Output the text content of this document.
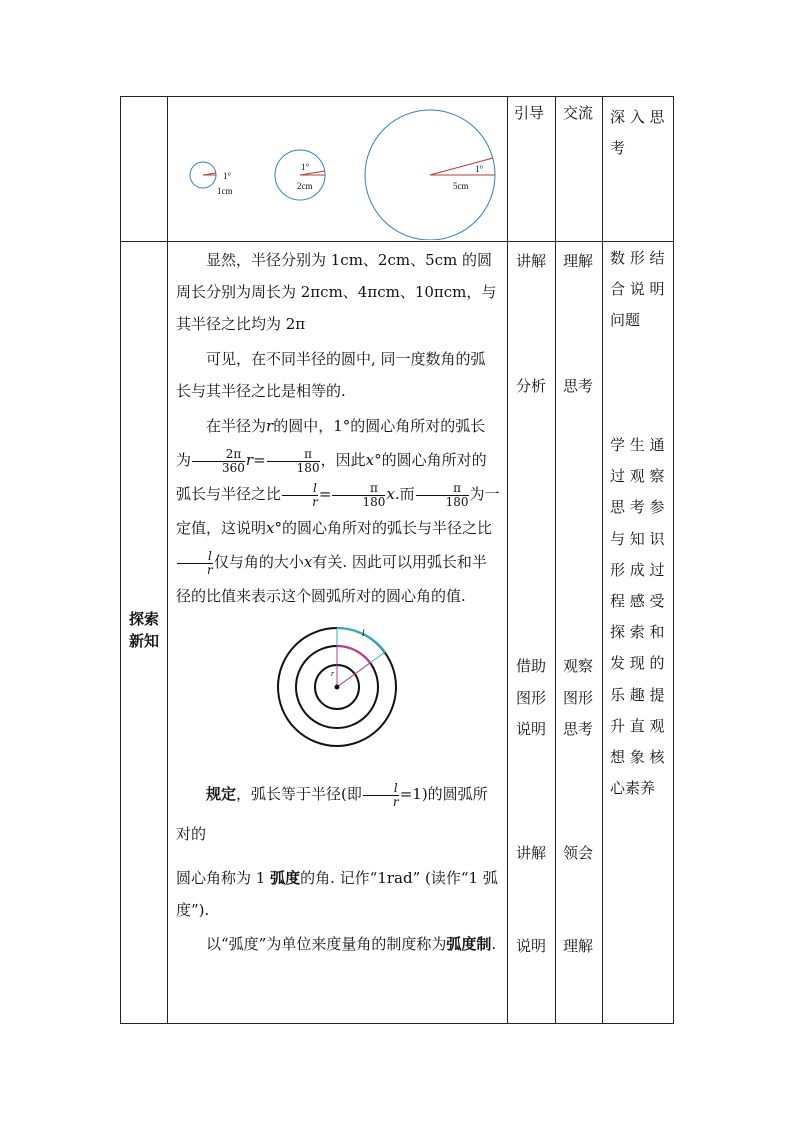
1°
1cm
1°
2cm
1°
5cm
引导 交流 深 入 思 考
探索
新知

显然，半径分别为 1cm、2cm、5cm 的圆周长分别为周长为 2πcm、4πcm、10πcm，与其半径之比均为 2π

可见，在不同半径的圆中, 同一度数角的弧长与其半径之比是相等的.

在半径为r的圆中，1°的圆心角所对的弧长为 $\frac{2\pi}{360} r= \frac{\pi}{180}$ ，因此x°的圆心角所对的弧长与半径之比 $\frac{l}{r} = \frac{\pi}{180} x$.而 $\frac{\pi}{180}$ 为一定值，这说明x°的圆心角所对的弧长与半径之比
$\frac{l}{r}$ 仅与角的大小x有关. 因此可以用弧长和半径的比值来表示这个圆弧所对的圆心角的值.

l
r

规定，弧长等于半径(即 $\frac{l}{r} =1$)的圆弧所对的

圆心角称为 1 弧度的角. 记作“1rad” (读作“1 弧度”).

以“弧度”为单位来度量角的制度称为弧度制.

讲解
分析
借助
图形
说明
讲解
说明
理解
思考
观察
图形
思考
领会
理解
数 形 结
合 说 明
问题
学 生 通
过 观 察
思 考 参
与 知 识
形 成 过
程 感 受
探 索 和
发 现 的
乐 趣 提
升 直 观
想 象 核
心素养
